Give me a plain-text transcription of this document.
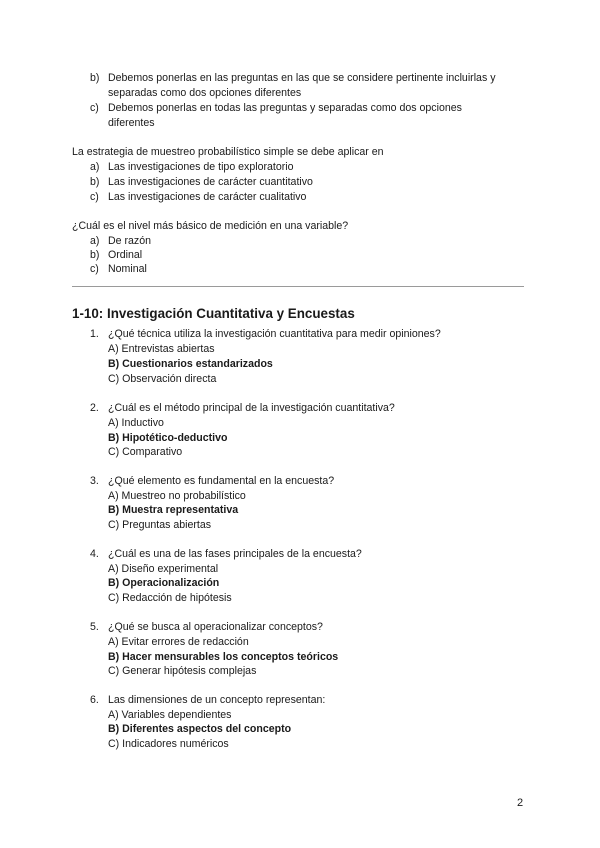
b) Debemos ponerlas en las preguntas en las que se considere pertinente incluirlas y
separadas como dos opciones diferentes
c) Debemos ponerlas en todas las preguntas y separadas como dos opciones
diferentes
La estrategia de muestreo probabilístico simple se debe aplicar en
a) Las investigaciones de tipo exploratorio
b) Las investigaciones de carácter cuantitativo
c) Las investigaciones de carácter cualitativo
¿Cuál es el nivel más básico de medición en una variable?
a) De razón
b) Ordinal
c) Nominal
1-10: Investigación Cuantitativa y Encuestas
1. ¿Qué técnica utiliza la investigación cuantitativa para medir opiniones?
A) Entrevistas abiertas
B) Cuestionarios estandarizados
C) Observación directa
2. ¿Cuál es el método principal de la investigación cuantitativa?
A) Inductivo
B) Hipotético-deductivo
C) Comparativo
3. ¿Qué elemento es fundamental en la encuesta?
A) Muestreo no probabilístico
B) Muestra representativa
C) Preguntas abiertas
4. ¿Cuál es una de las fases principales de la encuesta?
A) Diseño experimental
B) Operacionalización
C) Redacción de hipótesis
5. ¿Qué se busca al operacionalizar conceptos?
A) Evitar errores de redacción
B) Hacer mensurables los conceptos teóricos
C) Generar hipótesis complejas
6. Las dimensiones de un concepto representan:
A) Variables dependientes
B) Diferentes aspectos del concepto
C) Indicadores numéricos
2
